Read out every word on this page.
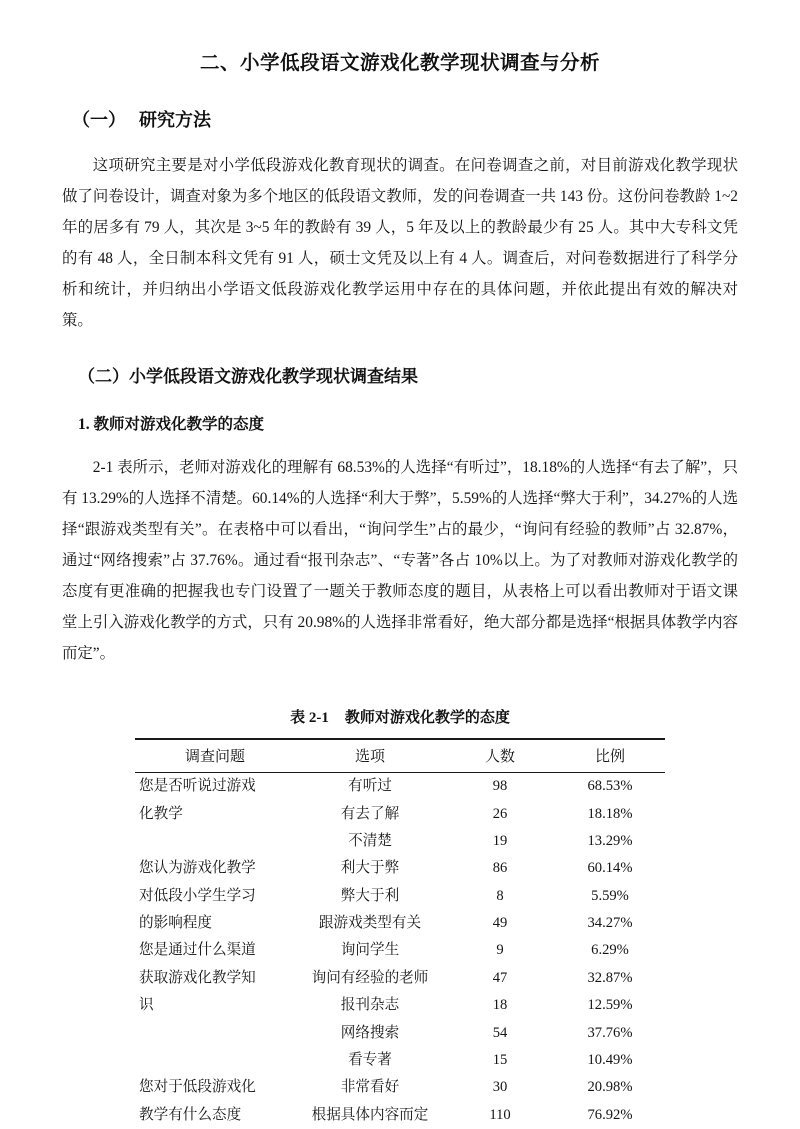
二、小学低段语文游戏化教学现状调查与分析
（一） 研究方法

这项研究主要是对小学低段游戏化教育现状的调查。在问卷调查之前，对目前游戏化教学现状做了问卷设计，调查对象为多个地区的低段语文教师，发的问卷调查一共 143 份。这份问卷教龄 1~2 年的居多有 79 人，其次是 3~5 年的教龄有 39 人，5 年及以上的教龄最少有 25 人。其中大专科文凭的有 48 人，全日制本科文凭有 91 人，硕士文凭及以上有 4 人。调查后，对问卷数据进行了科学分析和统计，并归纳出小学语文低段游戏化教学运用中存在的具体问题，并依此提出有效的解决对策。

（二）小学低段语文游戏化教学现状调查结果
1. 教师对游戏化教学的态度

2-1 表所示，老师对游戏化的理解有 68.53%的人选择“有听过”，18.18%的人选择“有去了解”，只有 13.29%的人选择不清楚。60.14%的人选择“利大于弊”，5.59%的人选择“弊大于利”，34.27%的人选择“跟游戏类型有关”。在表格中可以看出，“询问学生”占的最少，“询问有经验的教师”占 32.87%，通过“网络搜索”占 37.76%。通过看“报刊杂志”、“专著”各占 10%以上。为了对教师对游戏化教学的态度有更准确的把握我也专门设置了一题关于教师态度的题目，从表格上可以看出教师对于语文课堂上引入游戏化教学的方式，只有 20.98%的人选择非常看好，绝大部分都是选择“根据具体教学内容而定”。

表 2-1 教师对游戏化教学的态度
调查问题	选项	人数	比例
您是否听说过游戏	有听过	98	68.53%
化教学	有去了解	26	18.18%
	不清楚	19	13.29%
您认为游戏化教学	利大于弊	86	60.14%
对低段小学生学习	弊大于利	8	5.59%
的影响程度	跟游戏类型有关	49	34.27%
您是通过什么渠道	询问学生	9	6.29%
获取游戏化教学知	询问有经验的老师	47	32.87%
识	报刊杂志	18	12.59%
	网络搜索	54	37.76%
	看专著	15	10.49%
您对于低段游戏化	非常看好	30	20.98%
教学有什么态度	根据具体内容而定	110	76.92%
